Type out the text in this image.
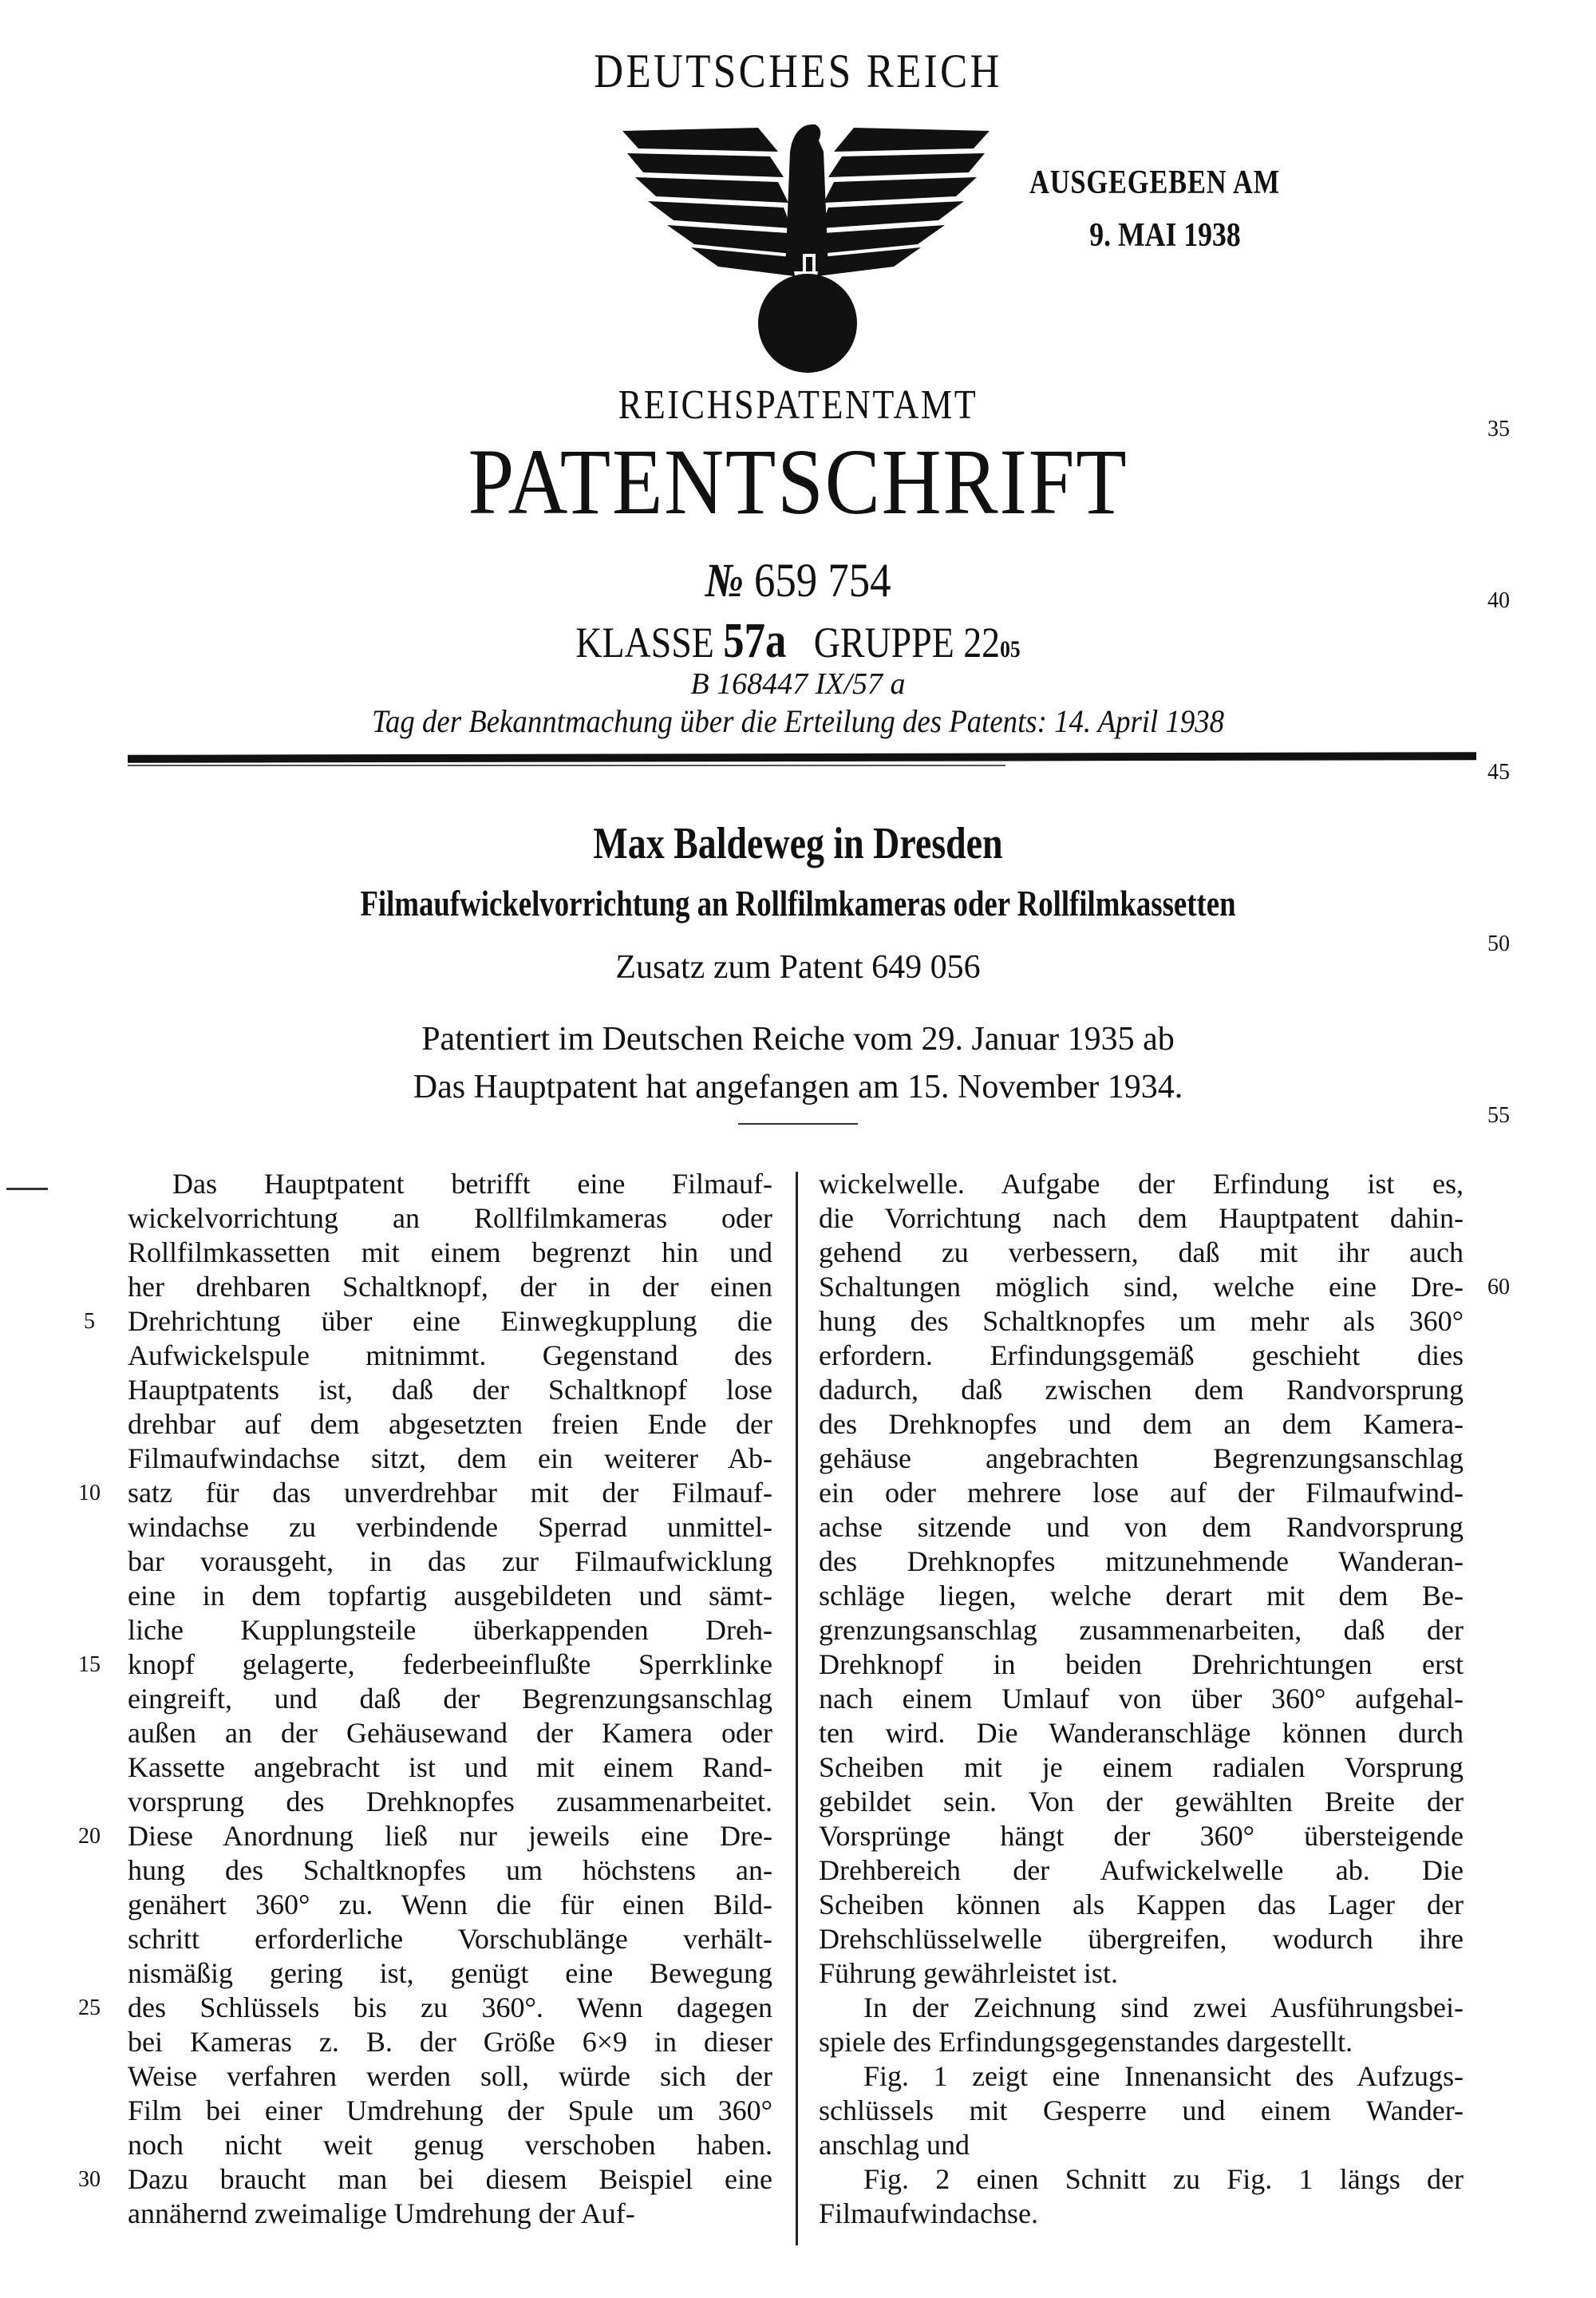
DEUTSCHES REICH
AUSGEGEBEN AM
9. MAI 1938
REICHSPATENTAMT
PATENTSCHRIFT
№ 659 754
KLASSE 57a GRUPPE 2205
B 168447 IX/57 a
Tag der Bekanntmachung über die Erteilung des Patents: 14. April 1938
Max Baldeweg in Dresden
Filmaufwickelvorrichtung an Rollfilmkameras oder Rollfilmkassetten
Zusatz zum Patent 649 056
Patentiert im Deutschen Reiche vom 29. Januar 1935 ab
Das Hauptpatent hat angefangen am 15. November 1934.
Das Hauptpatent betrifft eine Filmauf-
wickelvorrichtung an Rollfilmkameras oder
Rollfilmkassetten mit einem begrenzt hin und
her drehbaren Schaltknopf, der in der einen
Drehrichtung über eine Einwegkupplung die
Aufwickelspule mitnimmt. Gegenstand des
Hauptpatents ist, daß der Schaltknopf lose
drehbar auf dem abgesetzten freien Ende der
Filmaufwindachse sitzt, dem ein weiterer Ab-
satz für das unverdrehbar mit der Filmauf-
windachse zu verbindende Sperrad unmittel-
bar vorausgeht, in das zur Filmaufwicklung
eine in dem topfartig ausgebildeten und sämt-
liche Kupplungsteile überkappenden Dreh-
knopf gelagerte, federbeeinflußte Sperrklinke
eingreift, und daß der Begrenzungsanschlag
außen an der Gehäusewand der Kamera oder
Kassette angebracht ist und mit einem Rand-
vorsprung des Drehknopfes zusammenarbeitet.
Diese Anordnung ließ nur jeweils eine Dre-
hung des Schaltknopfes um höchstens an-
genähert 360° zu. Wenn die für einen Bild-
schritt erforderliche Vorschublänge verhält-
nismäßig gering ist, genügt eine Bewegung
des Schlüssels bis zu 360°. Wenn dagegen
bei Kameras z. B. der Größe 6×9 in dieser
Weise verfahren werden soll, würde sich der
Film bei einer Umdrehung der Spule um 360°
noch nicht weit genug verschoben haben.
Dazu braucht man bei diesem Beispiel eine
annähernd zweimalige Umdrehung der Auf-
wickelwelle. Aufgabe der Erfindung ist es,
die Vorrichtung nach dem Hauptpatent dahin-
gehend zu verbessern, daß mit ihr auch
Schaltungen möglich sind, welche eine Dre-
hung des Schaltknopfes um mehr als 360°
erfordern. Erfindungsgemäß geschieht dies
dadurch, daß zwischen dem Randvorsprung
des Drehknopfes und dem an dem Kamera-
gehäuse angebrachten Begrenzungsanschlag
ein oder mehrere lose auf der Filmaufwind-
achse sitzende und von dem Randvorsprung
des Drehknopfes mitzunehmende Wanderan-
schläge liegen, welche derart mit dem Be-
grenzungsanschlag zusammenarbeiten, daß der
Drehknopf in beiden Drehrichtungen erst
nach einem Umlauf von über 360° aufgehal-
ten wird. Die Wanderanschläge können durch
Scheiben mit je einem radialen Vorsprung
gebildet sein. Von der gewählten Breite der
Vorsprünge hängt der 360° übersteigende
Drehbereich der Aufwickelwelle ab. Die
Scheiben können als Kappen das Lager der
Drehschlüsselwelle übergreifen, wodurch ihre
Führung gewährleistet ist.
In der Zeichnung sind zwei Ausführungsbei-
spiele des Erfindungsgegenstandes dargestellt.
Fig. 1 zeigt eine Innenansicht des Aufzugs-
schlüssels mit Gesperre und einem Wander-
anschlag und
Fig. 2 einen Schnitt zu Fig. 1 längs der
Filmaufwindachse.
5
10
15
20
25
30
35
40
45
50
55
60
